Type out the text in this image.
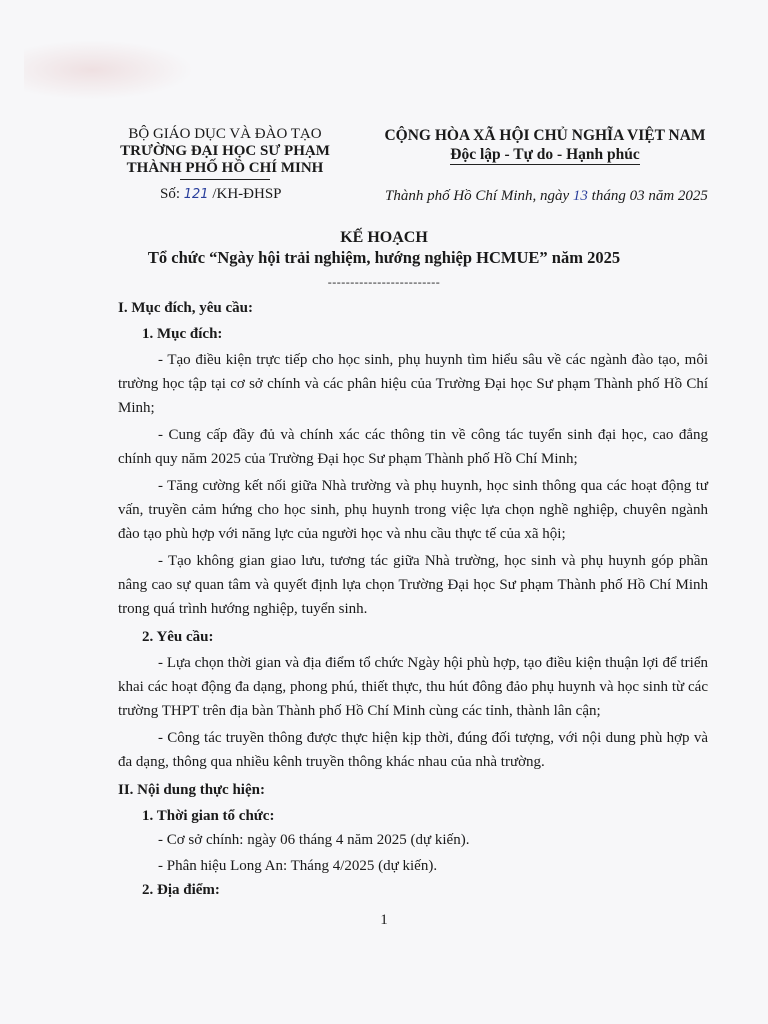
BỘ GIÁO DỤC VÀ ĐÀO TẠO
TRƯỜNG ĐẠI HỌC SƯ PHẠM
THÀNH PHỐ HỒ CHÍ MINH
CỘNG HÒA XÃ HỘI CHỦ NGHĨA VIỆT NAM
Độc lập - Tự do - Hạnh phúc
Số: 121 /KH-ĐHSP	Thành phố Hồ Chí Minh, ngày 13 tháng 03 năm 2025
KẾ HOẠCH
Tổ chức “Ngày hội trải nghiệm, hướng nghiệp HCMUE” năm 2025
-------------------------
I. Mục đích, yêu cầu:
1. Mục đích:

- Tạo điều kiện trực tiếp cho học sinh, phụ huynh tìm hiểu sâu về các ngành đào tạo, môi trường học tập tại cơ sở chính và các phân hiệu của Trường Đại học Sư phạm Thành phố Hồ Chí Minh;

- Cung cấp đầy đủ và chính xác các thông tin về công tác tuyển sinh đại học, cao đẳng chính quy năm 2025 của Trường Đại học Sư phạm Thành phố Hồ Chí Minh;

- Tăng cường kết nối giữa Nhà trường và phụ huynh, học sinh thông qua các hoạt động tư vấn, truyền cảm hứng cho học sinh, phụ huynh trong việc lựa chọn nghề nghiệp, chuyên ngành đào tạo phù hợp với năng lực của người học và nhu cầu thực tế của xã hội;

- Tạo không gian giao lưu, tương tác giữa Nhà trường, học sinh và phụ huynh góp phần nâng cao sự quan tâm và quyết định lựa chọn Trường Đại học Sư phạm Thành phố Hồ Chí Minh trong quá trình hướng nghiệp, tuyển sinh.

2. Yêu cầu:

- Lựa chọn thời gian và địa điểm tổ chức Ngày hội phù hợp, tạo điều kiện thuận lợi để triển khai các hoạt động đa dạng, phong phú, thiết thực, thu hút đông đảo phụ huynh và học sinh từ các trường THPT trên địa bàn Thành phố Hồ Chí Minh cùng các tỉnh, thành lân cận;

- Công tác truyền thông được thực hiện kịp thời, đúng đối tượng, với nội dung phù hợp và đa dạng, thông qua nhiều kênh truyền thông khác nhau của nhà trường.

II. Nội dung thực hiện:
1. Thời gian tổ chức:
- Cơ sở chính: ngày 06 tháng 4 năm 2025 (dự kiến).
- Phân hiệu Long An: Tháng 4/2025 (dự kiến).
2. Địa điểm:
1
